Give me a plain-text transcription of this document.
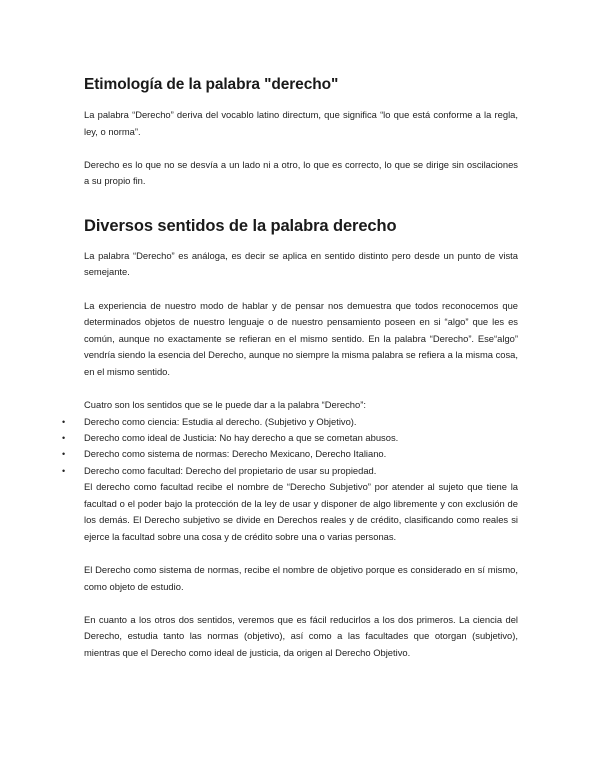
Etimología de la palabra "derecho"

La palabra “Derecho” deriva del vocablo latino directum, que significa “lo que está conforme a la regla, ley, o norma”.

Derecho es lo que no se desvía a un lado ni a otro, lo que es correcto, lo que se dirige sin oscilaciones a su propio fin.

Diversos sentidos de la palabra derecho

La palabra “Derecho” es análoga, es decir se aplica en sentido distinto pero desde un punto de vista semejante.

La experiencia de nuestro modo de hablar y de pensar nos demuestra que todos reconocemos que determinados objetos de nuestro lenguaje o de nuestro pensamiento poseen en si “algo” que les es común, aunque no exactamente se refieran en el mismo sentido. En la palabra “Derecho”. Ese“algo” vendría siendo la esencia del Derecho, aunque no siempre la misma palabra se refiera a la misma cosa, en el mismo sentido.

Cuatro son los sentidos que se le puede dar a la palabra “Derecho”:

• Derecho como ciencia: Estudia al derecho. (Subjetivo y Objetivo).
• Derecho como ideal de Justicia: No hay derecho a que se cometan abusos.
• Derecho como sistema de normas: Derecho Mexicano, Derecho Italiano.
• Derecho como facultad: Derecho del propietario de usar su propiedad.

El derecho como facultad recibe el nombre de “Derecho Subjetivo” por atender al sujeto que tiene la facultad o el poder bajo la protección de la ley de usar y disponer de algo libremente y con exclusión de los demás. El Derecho subjetivo se divide en Derechos reales y de crédito, clasificando como reales si ejerce la facultad sobre una cosa y de crédito sobre una o varias personas.

El Derecho como sistema de normas, recibe el nombre de objetivo porque es considerado en sí mismo, como objeto de estudio.

En cuanto a los otros dos sentidos, veremos que es fácil reducirlos a los dos primeros. La ciencia del Derecho, estudia tanto las normas (objetivo), así como a las facultades que otorgan (subjetivo), mientras que el Derecho como ideal de justicia, da origen al Derecho Objetivo.
